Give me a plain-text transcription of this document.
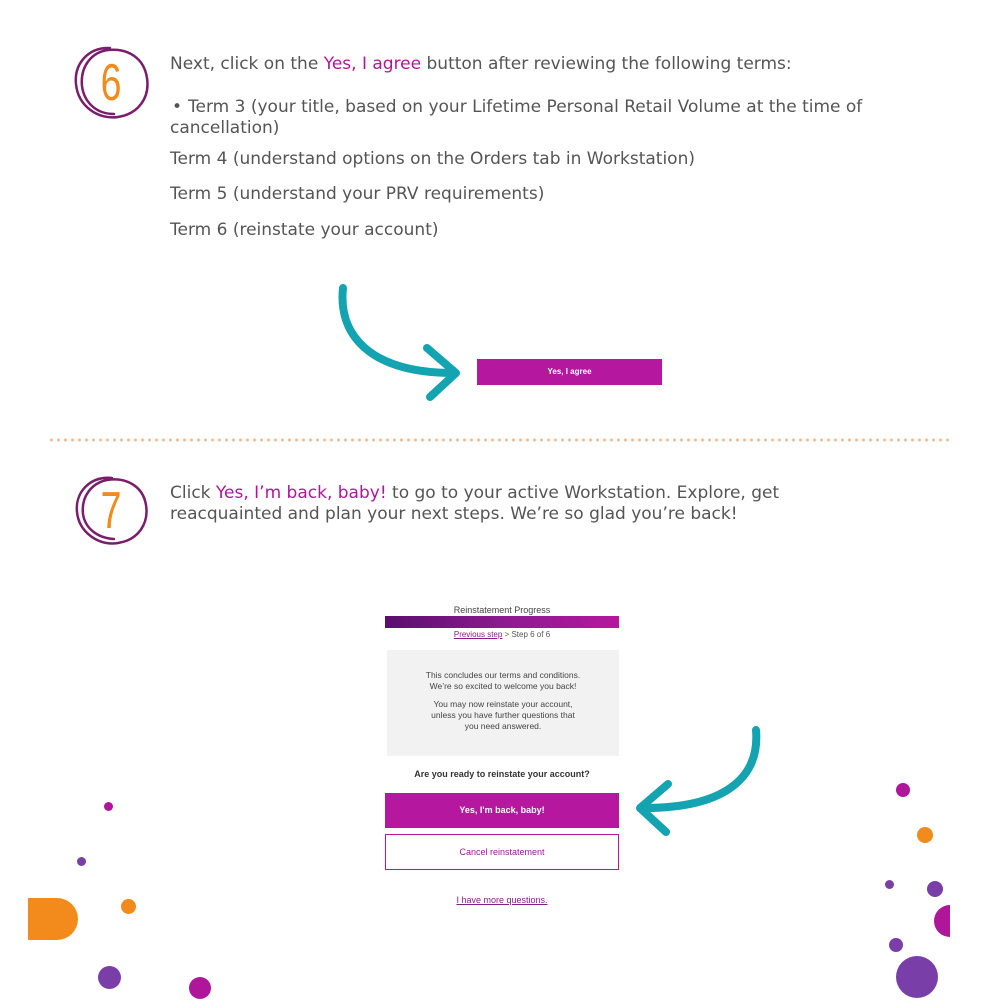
6	Next, click on the Yes, I agree button after reviewing the following terms:
• Term 3 (your title, based on your Lifetime Personal Retail Volume at the time of cancellation)
Term 4 (understand options on the Orders tab in Workstation)
Term 5 (understand your PRV requirements)
Term 6 (reinstate your account)
Yes, I agree
7	Click Yes, I’m back, baby! to go to your active Workstation. Explore, get
reacquainted and plan your next steps. We’re so glad you’re back!
Reinstatement Progress
Previous step > Step 6 of 6

This concludes our terms and conditions.

We’re so excited to welcome you back!

You may now reinstate your account,

unless you have further questions that

you need answered.

Are you ready to reinstate your account?
Yes, I'm back, baby!
Cancel reinstatement
I have more questions.
